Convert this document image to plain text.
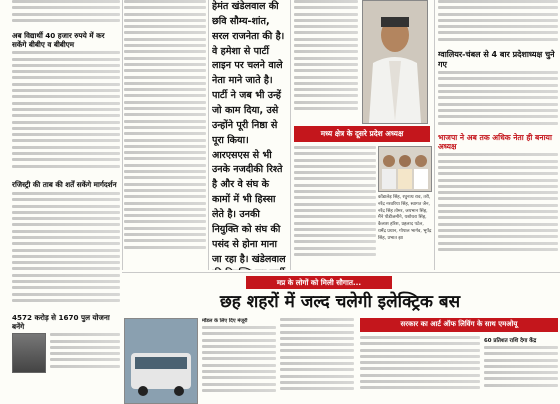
अब विद्यार्थी 40 हजार रुपये में कर सकेंगे बीबीए व बीबीएम
रजिस्ट्री की ताब की शर्तें सकेंगे मार्गदर्शन
4572 करोड़ से 1670 पुल योजना बनेंगे
हेमंत खंडेलवाल की छवि सौम्य-शांत, सरल राजनेता की है। वे हमेशा से पार्टी लाइन पर चलने वाले नेता माने जाते है। पार्टी ने जब भी उन्हें जो काम दिया, उसे उन्होंने पूरी निष्ठा से पूरा किया। आरएसएस से भी उनके नजदीकी रिश्ते है और वे संघ के कामों में भी हिस्सा लेते है। उनकी नियुक्ति को संघ की पसंद से होना माना जा रहा है। खंडेलवाल
मध्य क्षेत्र के दूसरे प्रदेश अध्यक्ष
कोंडालेड़ सिंह, रघुनाथ राव, तरी, नरेंद्र नरवरिया सिंह, स्वागत जैन, नरेंद्र सिंह तोमर, जयभान सिंह, मैंने पौडीजमीने, यशोधरा सिंह, कैलाश हरिश, प्रहलाद पटेल, धर्मेंद्र प्रधान, गोपाल भार्गव, भूपेंद्र सिंह, प्रभात झा
ग्वालियर-चंबल से 4 बार प्रदेशाध्यक्ष चुने गए
भाजपा ने अब तक अधिक नेता ही बनाया अध्यक्ष
मप्र के लोगों को मिली सौगात...
छह शहरों में जल्द चलेगी इलेक्ट्रिक बस
मॉडल के लिए दिए मंजूरी	सरकार का आर्ट ऑफ लिविंग के साथ एमओयू
60 प्रतिशत राशि देगा केंद्र
